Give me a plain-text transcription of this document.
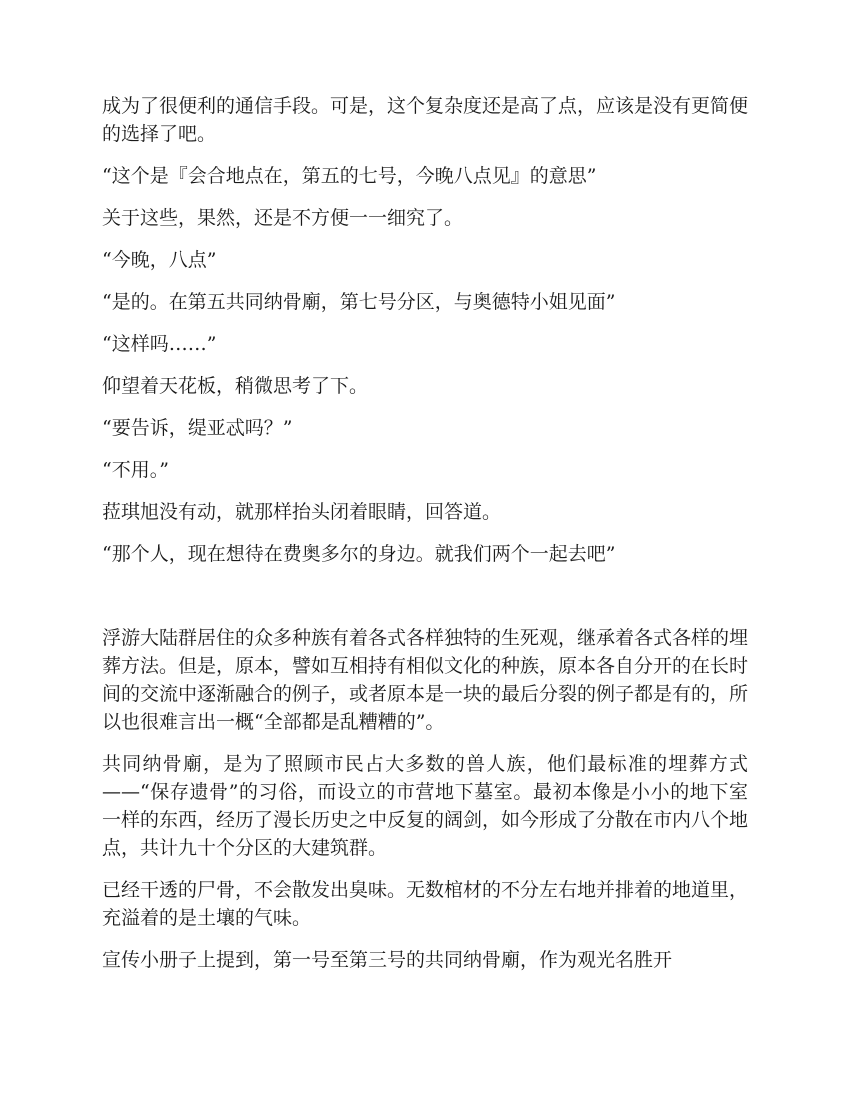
成为了很便利的通信手段。可是，这个复杂度还是高了点，应该是没有更简便的选择了吧。

“这个是『会合地点在，第五的七号，今晚八点见』的意思”

关于这些，果然，还是不方便一一细究了。

“今晚，八点”

“是的。在第五共同纳骨廟，第七号分区，与奥德特小姐见面”

“这样吗……”

仰望着天花板，稍微思考了下。

“要告诉，缇亚忒吗？”

“不用。”

菈琪旭没有动，就那样抬头闭着眼睛，回答道。

“那个人，现在想待在费奥多尔的身边。就我们两个一起去吧”

浮游大陆群居住的众多种族有着各式各样独特的生死观，继承着各式各样的埋葬方法。但是，原本，譬如互相持有相似文化的种族，原本各自分开的在长时间的交流中逐渐融合的例子，或者原本是一块的最后分裂的例子都是有的，所以也很难言出一概“全部都是乱糟糟的”。

共同纳骨廟，是为了照顾市民占大多数的兽人族，他们最标准的埋葬方式——“保存遗骨”的习俗，而设立的市营地下墓室。最初本像是小小的地下室一样的东西，经历了漫长历史之中反复的阔剑，如今形成了分散在市内八个地点，共计九十个分区的大建筑群。

已经干透的尸骨，不会散发出臭味。无数棺材的不分左右地并排着的地道里，充溢着的是土壤的气味。

宣传小册子上提到，第一号至第三号的共同纳骨廟，作为观光名胜开
